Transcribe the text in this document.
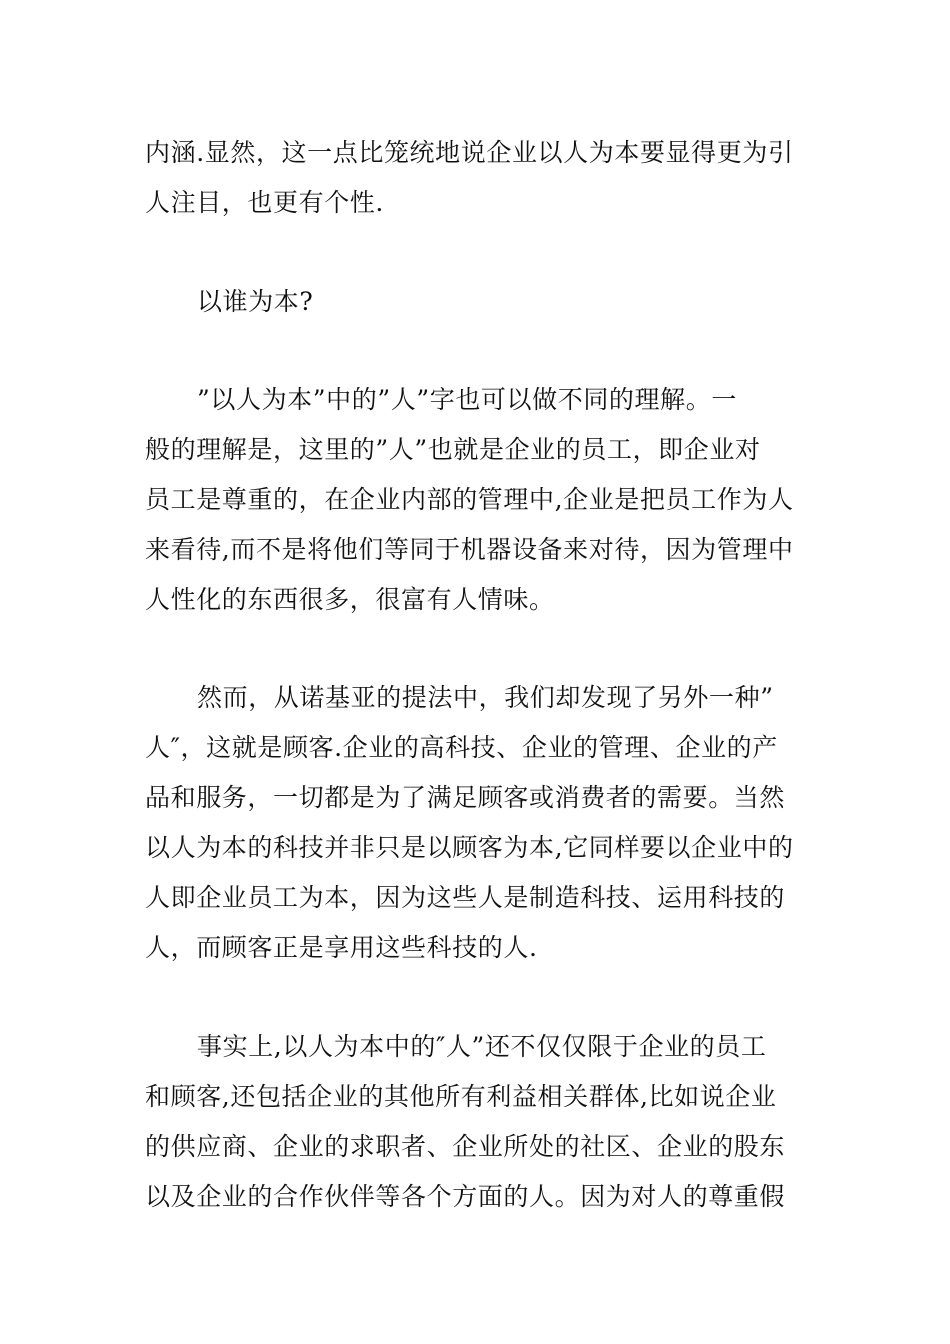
内涵.显然，这一点比笼统地说企业以人为本要显得更为引
人注目，也更有个性.
以谁为本?
”以人为本”中的”人”字也可以做不同的理解。一
般的理解是，这里的”人”也就是企业的员工，即企业对
员工是尊重的，在企业内部的管理中,企业是把员工作为人
来看待,而不是将他们等同于机器设备来对待，因为管理中
人性化的东西很多，很富有人情味。
然而，从诺基亚的提法中，我们却发现了另外一种”
人″，这就是顾客.企业的高科技、企业的管理、企业的产
品和服务，一切都是为了满足顾客或消费者的需要。当然
以人为本的科技并非只是以顾客为本,它同样要以企业中的
人即企业员工为本，因为这些人是制造科技、运用科技的
人，而顾客正是享用这些科技的人.
事实上,以人为本中的″人”还不仅仅限于企业的员工
和顾客,还包括企业的其他所有利益相关群体,比如说企业
的供应商、企业的求职者、企业所处的社区、企业的股东
以及企业的合作伙伴等各个方面的人。因为对人的尊重假
